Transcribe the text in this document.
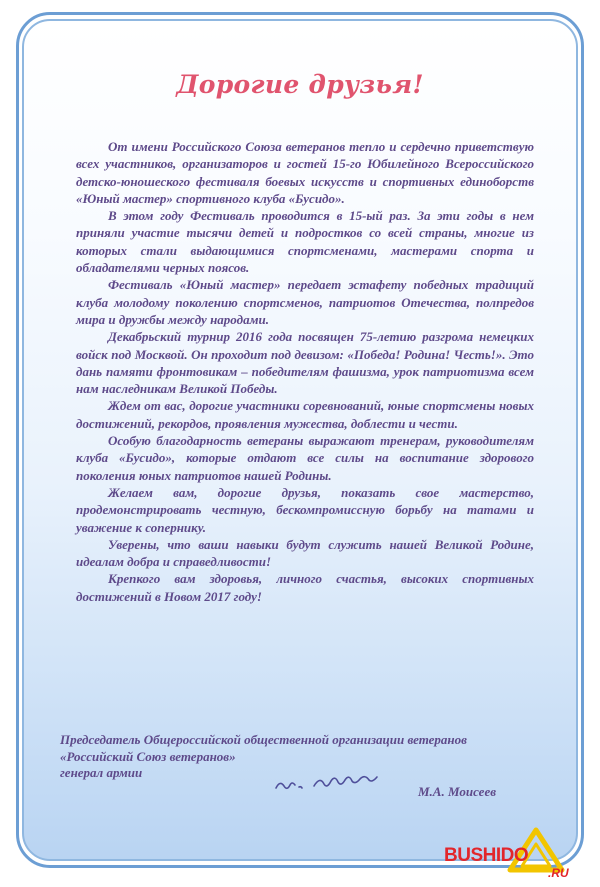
Дорогие друзья!

От имени Российского Союза ветеранов тепло и сердечно приветствую всех участников, организаторов и гостей 15-го Юбилейного Всероссийского детско-юношеского фестиваля боевых искусств и спортивных единоборств «Юный мастер» спортивного клуба «Бусидо».

В этом году Фестиваль проводится в 15-ый раз. За эти годы в нем приняли участие тысячи детей и подростков со всей страны, многие из которых стали выдающимися спортсменами, мастерами спорта и обладателями черных поясов.

Фестиваль «Юный мастер» передает эстафету победных традиций клуба молодому поколению спортсменов, патриотов Отечества, полпредов мира и дружбы между народами.

Декабрьский турнир 2016 года посвящен 75-летию разгрома немецких войск под Москвой. Он проходит под девизом: «Победа! Родина! Честь!». Это дань памяти фронтовикам – победителям фашизма, урок патриотизма всем нам наследникам Великой Победы.

Ждем от вас, дорогие участники соревнований, юные спортсмены новых достижений, рекордов, проявления мужества, доблести и чести.

Особую благодарность ветераны выражают тренерам, руководителям клуба «Бусидо», которые отдают все силы на воспитание здорового поколения юных патриотов нашей Родины.

Желаем вам, дорогие друзья, показать свое мастерство, продемонстрировать честную, бескомпромиссную борьбу на татами и уважение к сопернику.

Уверены, что ваши навыки будут служить нашей Великой Родине, идеалам добра и справедливости!

Крепкого вам здоровья, личного счастья, высоких спортивных достижений в Новом 2017 году!

Председатель Общероссийской общественной организации ветеранов
«Российский Союз ветеранов»
генерал армии
М.А. Моисеев
BUSHIDO
.RU
